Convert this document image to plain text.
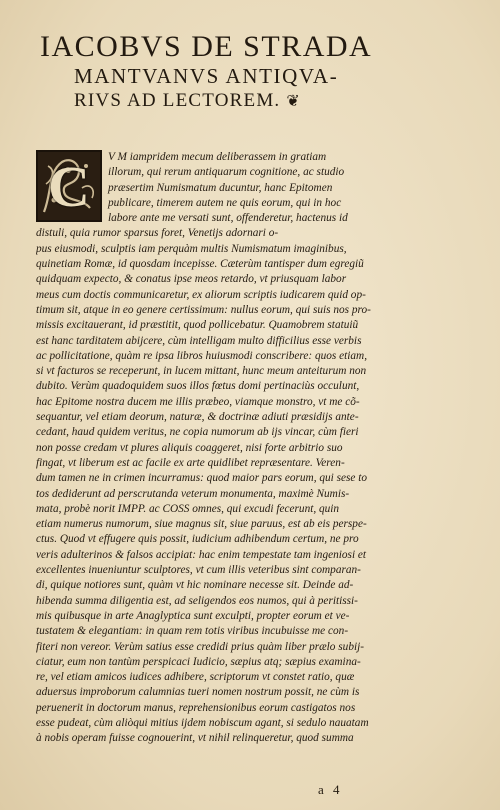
IACOBVS DE STRADA
MANTVANVS ANTIQVA-
RIVS AD LECTOREM. ❦
C	V M iampridem mecum deliberassem in gratiam
illorum, qui rerum antiquarum cognitione, ac studio
præsertim Numismatum ducuntur, hanc Epitomen
publicare, timerem autem ne quis eorum, qui in hoc
labore ante me versati sunt, offenderetur, hactenus id
distuli, quia rumor sparsus foret, Venetijs adornari o-
pus eiusmodi, sculptis iam perquàm multis Numismatum imaginibus,
quinetiam Romæ, id quosdam incepisse. Cæterùm tantisper dum egregiũ
quidquam expecto, & conatus ipse meos retardo, vt priusquam labor
meus cum doctis communicaretur, ex aliorum scriptis iudicarem quid op-
timum sit, atque in eo genere certissimum: nullus eorum, qui suis nos pro-
missis excitauerant, id præstitit, quod pollicebatur. Quamobrem statuiũ
est hanc tarditatem abijcere, cùm intelligam multo difficilius esse verbis
ac pollicitatione, quàm re ipsa libros huiusmodi conscribere: quos etiam,
si vt facturos se receperunt, in lucem mittant, hunc meum anteiturum non
dubito. Verùm quadoquidem suos illos fœtus domi pertinaciùs occulunt,
hac Epitome nostra ducem me illis præbeo, viamque monstro, vt me cõ-
sequantur, vel etiam deorum, naturæ, & doctrinæ adiuti præsidijs ante-
cedant, haud quidem veritus, ne copia numorum ab ijs vincar, cùm fieri
non posse credam vt plures aliquis coaggeret, nisi forte arbitrio suo
fingat, vt liberum est ac facile ex arte quidlibet repræsentare. Veren-
dum tamen ne in crimen incurramus: quod maior pars eorum, qui sese to
tos dediderunt ad perscrutanda veterum monumenta, maximè Numis-
mata, probè norit IMPP. ac COSS omnes, qui excudi fecerunt, quin
etiam numerus numorum, siue magnus sit, siue paruus, est ab eis perspe-
ctus. Quod vt effugere quis possit, iudicium adhibendum certum, ne pro
veris adulterinos & falsos accipiat: hac enim tempestate tam ingeniosi et
excellentes inueniuntur sculptores, vt cum illis veteribus sint comparan-
di, quique notiores sunt, quàm vt hic nominare necesse sit. Deinde ad-
hibenda summa diligentia est, ad seligendos eos numos, qui à peritissi-
mis quibusque in arte Anaglyptica sunt exculpti, propter eorum et ve-
tustatem & elegantiam: in quam rem totis viribus incubuisse me con-
fiteri non vereor. Verùm satius esse credidi prius quàm liber prælo subij-
ciatur, eum non tantùm perspicaci Iudicio, sæpius atq; sæpius examina-
re, vel etiam amicos iudices adhibere, scriptorum vt constet ratio, quæ
aduersus improborum calumnias tueri nomen nostrum possit, ne cùm is
peruenerit in doctorum manus, reprehensionibus eorum castigatos nos
esse pudeat, cùm aliòqui mitius ijdem nobiscum agant, si sedulo nauatam
à nobis operam fuisse cognouerint, vt nihil relinqueretur, quod summa
a 4
